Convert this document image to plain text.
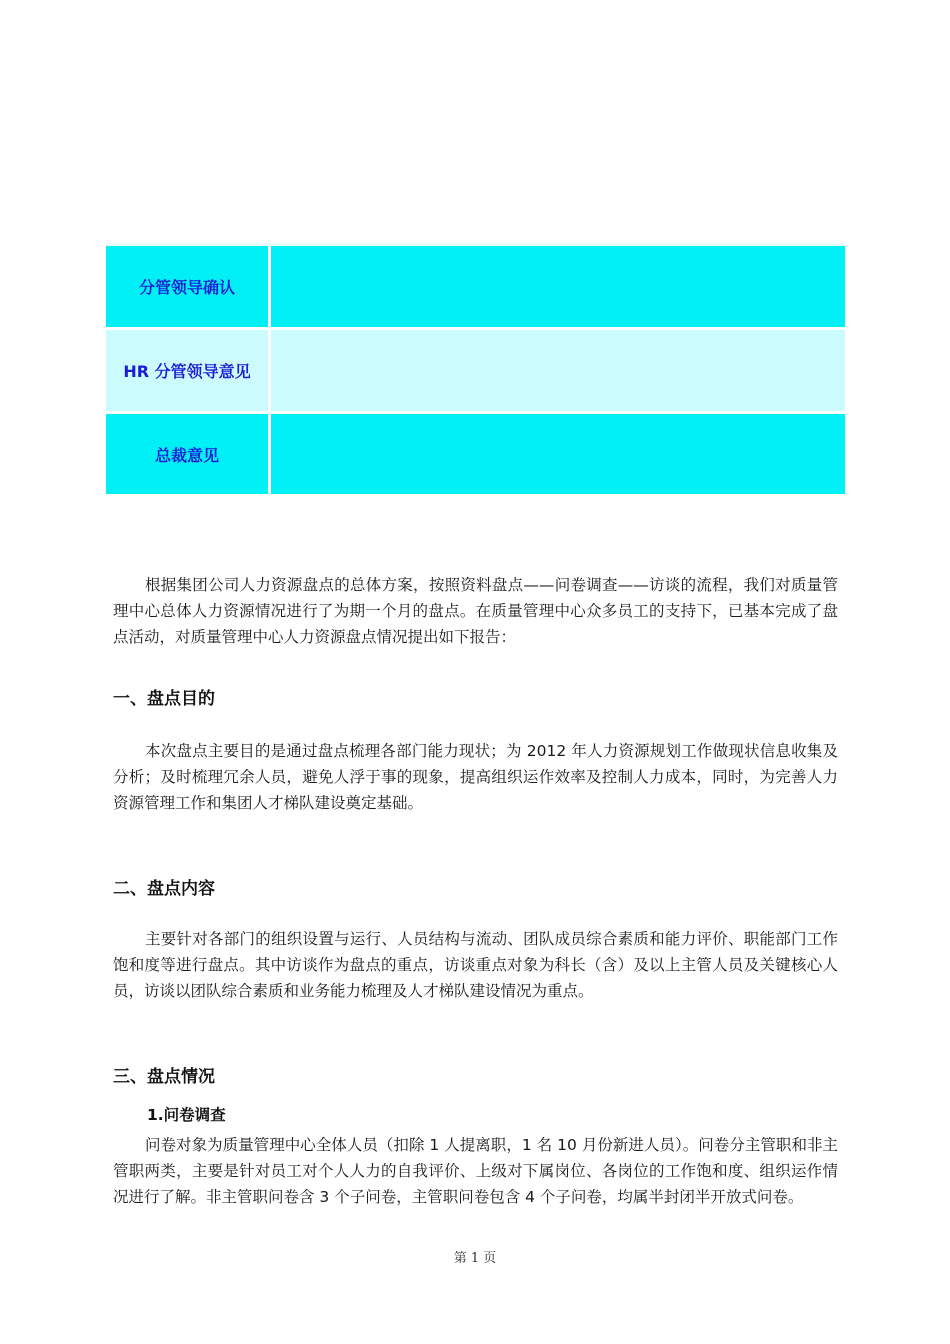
分管领导确认	
HR 分管领导意见	
总裁意见	

根据集团公司人力资源盘点的总体方案，按照资料盘点——问卷调查——访谈的流程，我们对质量管理中心总体人力资源情况进行了为期一个月的盘点。在质量管理中心众多员工的支持下，已基本完成了盘点活动，对质量管理中心人力资源盘点情况提出如下报告：

一、盘点目的

本次盘点主要目的是通过盘点梳理各部门能力现状；为 2012 年人力资源规划工作做现状信息收集及分析；及时梳理冗余人员，避免人浮于事的现象，提高组织运作效率及控制人力成本，同时，为完善人力资源管理工作和集团人才梯队建设奠定基础。

二、盘点内容

主要针对各部门的组织设置与运行、人员结构与流动、团队成员综合素质和能力评价、职能部门工作饱和度等进行盘点。其中访谈作为盘点的重点，访谈重点对象为科长（含）及以上主管人员及关键核心人员，访谈以团队综合素质和业务能力梳理及人才梯队建设情况为重点。

三、盘点情况

1.问卷调查

问卷对象为质量管理中心全体人员（扣除 1 人提离职，1 名 10 月份新进人员）。问卷分主管职和非主管职两类，主要是针对员工对个人人力的自我评价、上级对下属岗位、各岗位的工作饱和度、组织运作情况进行了解。非主管职问卷含 3 个子问卷，主管职问卷包含 4 个子问卷，均属半封闭半开放式问卷。

第 1 页
